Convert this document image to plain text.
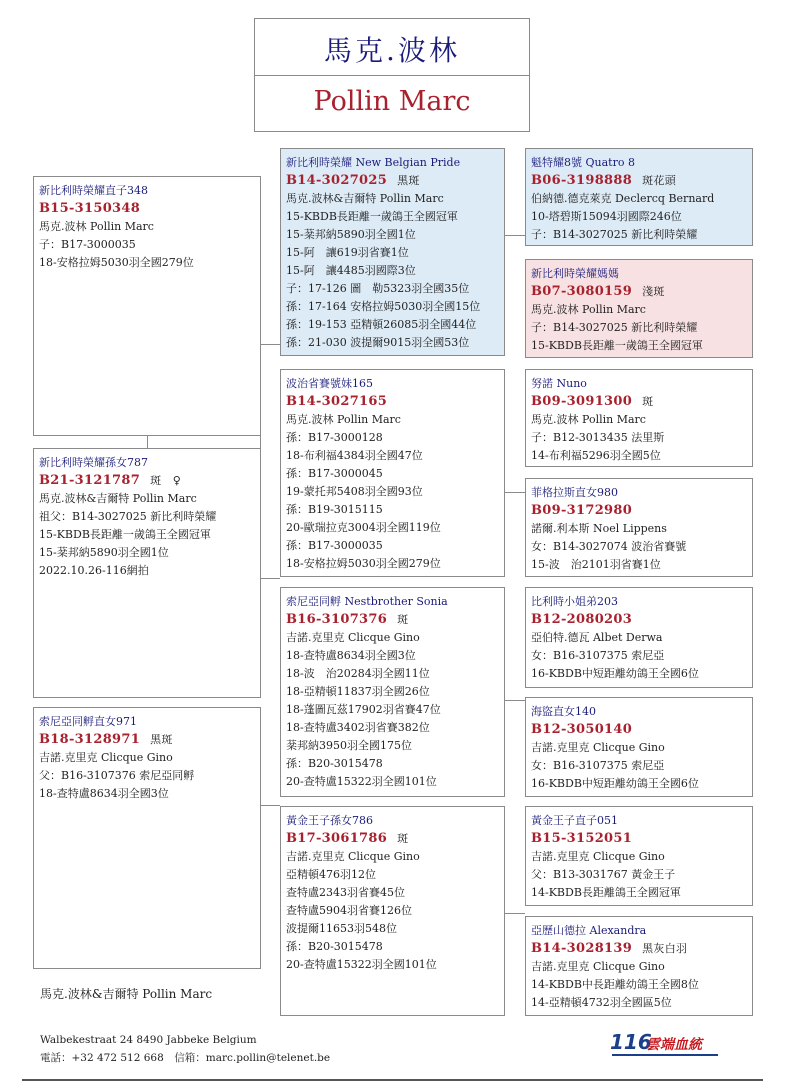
馬克.波林
Pollin Marc
新比利時榮耀直子348
B15-3150348
馬克.波林 Pollin Marc
子：B17-3000035
18-安格拉姆5030羽全國279位
新比利時榮耀孫女787
B21-3121787 斑　♀
馬克.波林&吉爾特 Pollin Marc
祖父：B14-3027025 新比利時榮耀
15-KBDB長距離一歲鴿王全國冠軍
15-棻邦納5890羽全國1位
2022.10.26-116網拍
索尼亞同孵直女971
B18-3128971 黑斑
吉諾.克里克 Clicque Gino
父：B16-3107376 索尼亞同孵
18-查特盧8634羽全國3位
新比利時榮耀 New Belgian Pride
B14-3027025 黑斑
馬克.波林&吉爾特 Pollin Marc
15-KBDB長距離一歲鴿王全國冠軍
15-棻邦納5890羽全國1位
15-阿　讓619羽省賽1位
15-阿　讓4485羽國際3位
子：17-126 圖　勒5323羽全國35位
孫：17-164 安格拉姆5030羽全國15位
孫：19-153 亞精頓26085羽全國44位
孫：21-030 波提爾9015羽全國53位
波治省賽號妹165
B14-3027165
馬克.波林 Pollin Marc
孫：B17-3000128
18-布利福4384羽全國47位
孫：B17-3000045
19-蒙托邦5408羽全國93位
孫：B19-3015115
20-歐瑞拉克3004羽全國119位
孫：B17-3000035
18-安格拉姆5030羽全國279位
索尼亞同孵 Nestbrother Sonia
B16-3107376 斑
吉諾.克里克 Clicque Gino
18-查特盧8634羽全國3位
18-波　治20284羽全國11位
18-亞精頓11837羽全國26位
18-蓬圖瓦茲17902羽省賽47位
18-查特盧3402羽省賽382位
棻邦納3950羽全國175位
孫：B20-3015478
20-查特盧15322羽全國101位
黃金王子孫女786
B17-3061786 斑
吉諾.克里克 Clicque Gino
亞精頓476羽12位
查特盧2343羽省賽45位
查特盧5904羽省賽126位
波提爾11653羽548位
孫：B20-3015478
20-查特盧15322羽全國101位
魁特耀8號 Quatro 8
B06-3198888 斑花頭
伯納德.德克萊克 Declercq Bernard
10-塔碧斯15094羽國際246位
子：B14-3027025 新比利時榮耀
新比利時榮耀媽媽
B07-3080159 淺斑
馬克.波林 Pollin Marc
子：B14-3027025 新比利時榮耀
15-KBDB長距離一歲鴿王全國冠軍
努諾 Nuno
B09-3091300 斑
馬克.波林 Pollin Marc
子：B12-3013435 法里斯
14-布利福5296羽全國5位
菲格拉斯直女980
B09-3172980
諾爾.利本斯 Noel Lippens
女：B14-3027074 波治省賽號
15-波　治2101羽省賽1位
比利時小姐弟203
B12-2080203
亞伯特.德瓦 Albet Derwa
女：B16-3107375 索尼亞
16-KBDB中短距離幼鴿王全國6位
海盜直女140
B12-3050140
吉諾.克里克 Clicque Gino
女：B16-3107375 索尼亞
16-KBDB中短距離幼鴿王全國6位
黃金王子直子051
B15-3152051
吉諾.克里克 Clicque Gino
父：B13-3031767 黃金王子
14-KBDB長距離鴿王全國冠軍
亞歷山德拉 Alexandra
B14-3028139 黑灰白羽
吉諾.克里克 Clicque Gino
14-KBDB中長距離幼鴿王全國8位
14-亞精頓4732羽全國區5位
馬克.波林&吉爾特 Pollin Marc
Walbekestraat 24 8490 Jabbeke Belgium
電話：+32 472 512 668　信箱：marc.pollin@telenet.be
116
雲端血統
